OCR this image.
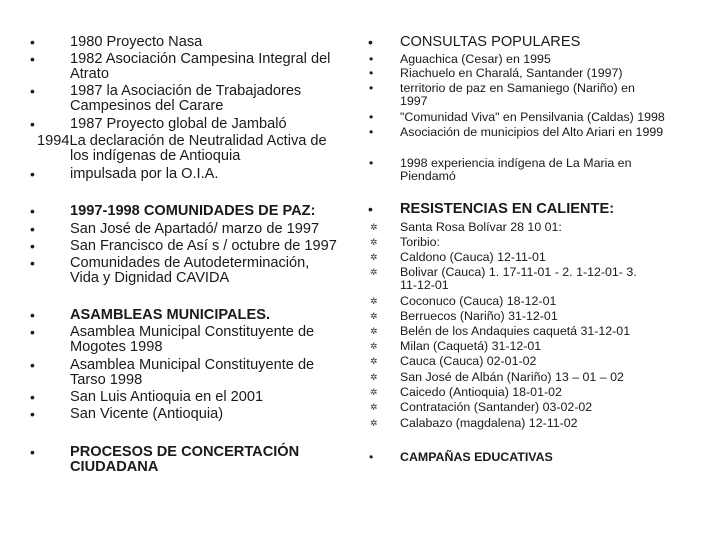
• 1980 Proyecto Nasa
• 1982 Asociación Campesina Integral del
Atrato
• 1987 la Asociación de Trabajadores
Campesinos del Carare
• 1987 Proyecto global de Jambaló
1994La declaración de Neutralidad Activa de
los indígenas de Antioquia
• impulsada por la O.I.A.
• 1997-1998 COMUNIDADES DE PAZ:
• San José de Apartadó/ marzo de 1997
• San Francisco de Así s / octubre de 1997
• Comunidades de Autodeterminación,
Vida y Dignidad CAVIDA
• ASAMBLEAS MUNICIPALES.
• Asamblea Municipal Constituyente de
Mogotes 1998
• Asamblea Municipal Constituyente de
Tarso 1998
• San Luis Antioquia en el 2001
• San Vicente (Antioquia)
• PROCESOS DE CONCERTACIÓN
CIUDADANA
• CONSULTAS POPULARES
• Aguachica (Cesar) en 1995
• Riachuelo en Charalá, Santander (1997)
• territorio de paz en Samaniego (Nariño) en
1997
• "Comunidad Viva" en Pensilvania (Caldas) 1998
• Asociación de municipios del Alto Ariari en 1999
• 1998 experiencia indígena de La Maria en
Piendamó
• RESISTENCIAS EN CALIENTE:
✲ Santa Rosa Bolívar 28 10 01:
✲ Toribio:
✲ Caldono (Cauca) 12-11-01
✲ Bolivar (Cauca) 1. 17-11-01 - 2. 1-12-01- 3.
11-12-01
✲ Coconuco (Cauca) 18-12-01
✲ Berruecos (Nariño) 31-12-01
✲ Belén de los Andaquies caquetá 31-12-01
✲ Milan (Caquetá) 31-12-01
✲ Cauca (Cauca) 02-01-02
✲ San José de Albán (Nariño) 13 – 01 – 02
✲ Caicedo (Antioquia) 18-01-02
✲ Contratación (Santander) 03-02-02
✲ Calabazo (magdalena) 12-11-02
• CAMPAÑAS EDUCATIVAS
